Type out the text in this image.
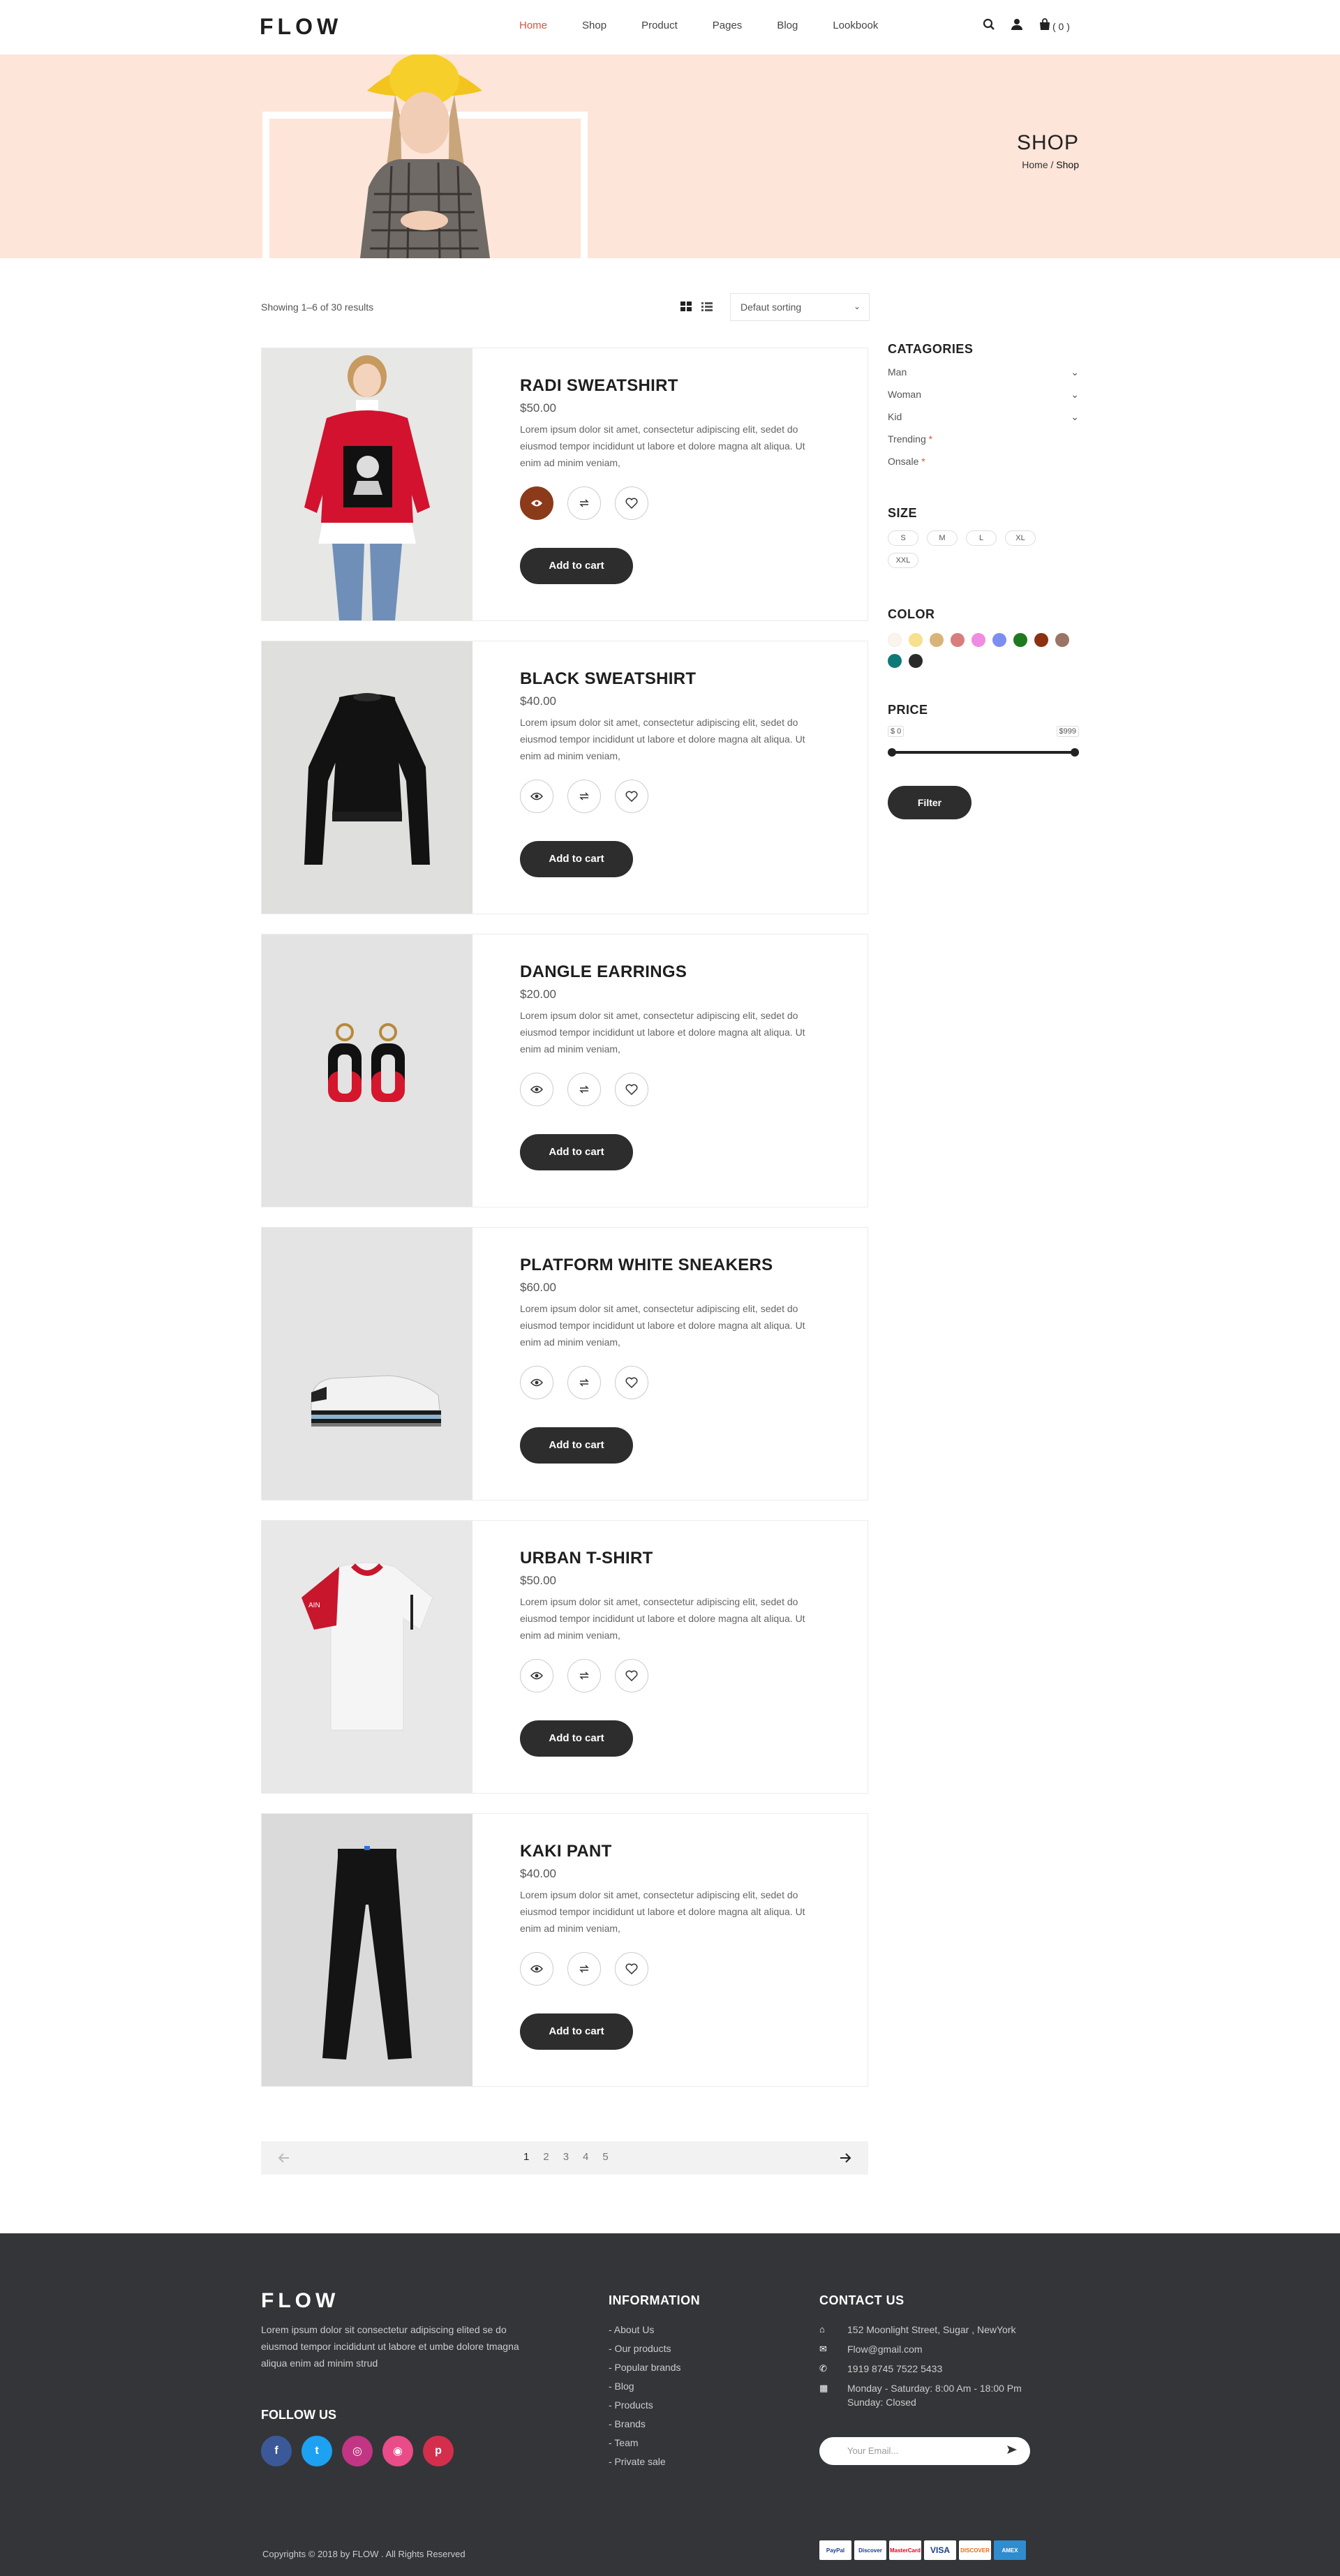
FLOW	Home	Shop	Product	Pages	Blog	Lookbook	( 0 )
SHOP
Home / Shop
Showing 1–6 of 30 results	Defaut sorting	⌄
RADI SWEATSHIRT
$50.00
Lorem ipsum dolor sit amet, consectetur adipiscing elit, sedet do eiusmod tempor incididunt ut labore et dolore magna alt aliqua. Ut enim ad minim veniam,
Add to cart
BLACK SWEATSHIRT
$40.00
Lorem ipsum dolor sit amet, consectetur adipiscing elit, sedet do eiusmod tempor incididunt ut labore et dolore magna alt aliqua. Ut enim ad minim veniam,
Add to cart
DANGLE EARRINGS
$20.00
Lorem ipsum dolor sit amet, consectetur adipiscing elit, sedet do eiusmod tempor incididunt ut labore et dolore magna alt aliqua. Ut enim ad minim veniam,
Add to cart
PLATFORM WHITE SNEAKERS
$60.00
Lorem ipsum dolor sit amet, consectetur adipiscing elit, sedet do eiusmod tempor incididunt ut labore et dolore magna alt aliqua. Ut enim ad minim veniam,
Add to cart
AIN
URBAN T-SHIRT
$50.00
Lorem ipsum dolor sit amet, consectetur adipiscing elit, sedet do eiusmod tempor incididunt ut labore et dolore magna alt aliqua. Ut enim ad minim veniam,
Add to cart
KAKI PANT
$40.00
Lorem ipsum dolor sit amet, consectetur adipiscing elit, sedet do eiusmod tempor incididunt ut labore et dolore magna alt aliqua. Ut enim ad minim veniam,
Add to cart
1 2 3 4 5
CATAGORIES
Man	⌄
Woman	⌄
Kid	⌄
Trending
*
Onsale
*
SIZE
S	M	L	XL
XXL
COLOR
PRICE
$ 0	$999
Filter
FLOW
Lorem ipsum dolor sit consectetur adipiscing elited se do eiusmod tempor incididunt ut labore et umbe dolore tmagna aliqua enim ad minim strud
FOLLOW US
f	t	◎	◉	p
INFORMATION
- About Us
- Our products
- Popular brands
- Blog
- Products
- Brands
- Team
- Private sale
CONTACT US
⌂	152 Moonlight Street, Sugar , NewYork
✉	Flow@gmail.com
✆	1919 8745 7522 5433
▦	Monday - Saturday: 8:00 Am - 18:00 Pm
Sunday: Closed
Your Email...
Copyrights © 2018 by FLOW . All Rights Reserved	PayPal	Discover	MasterCard	VISA	DISCOVER	AMEX
